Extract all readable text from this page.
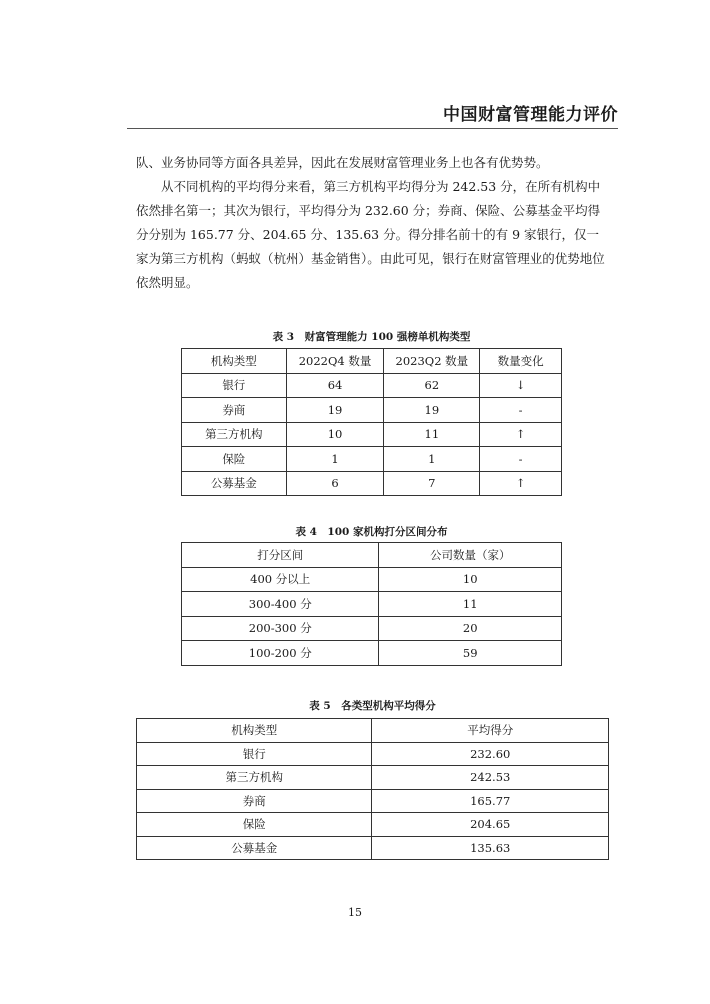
中国财富管理能力评价

队、业务协同等方面各具差异，因此在发展财富管理业务上也各有优势势。

从不同机构的平均得分来看，第三方机构平均得分为 242.53 分，在所有机构中依然排名第一；其次为银行，平均得分为 232.60 分；券商、保险、公募基金平均得分分别为 165.77 分、204.65 分、135.63 分。得分排名前十的有 9 家银行，仅一家为第三方机构（蚂蚁（杭州）基金销售）。由此可见，银行在财富管理业的优势地位依然明显。

表 3　财富管理能力 100 强榜单机构类型
机构类型	2022Q4 数量	2023Q2 数量	数量变化
银行	64	62	↓
券商	19	19	-
第三方机构	10	11	↑
保险	1	1	-
公募基金	6	7	↑
表 4　100 家机构打分区间分布
打分区间	公司数量（家）
400 分以上	10
300-400 分	11
200-300 分	20
100-200 分	59
表 5　各类型机构平均得分
机构类型	平均得分
银行	232.60
第三方机构	242.53
券商	165.77
保险	204.65
公募基金	135.63
15
